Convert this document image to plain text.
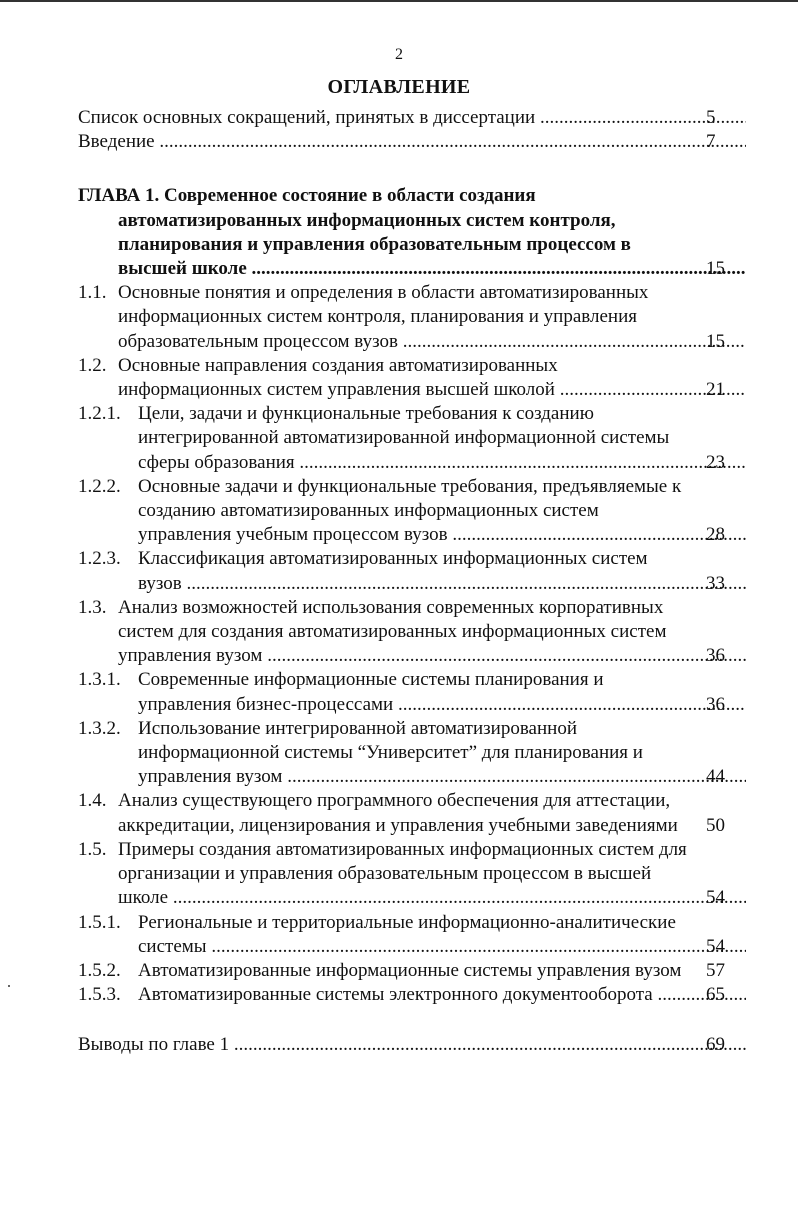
2
ОГЛАВЛЕНИЕ
Список основных сокращений, принятых в диссертации .....	5
Введение .....	7
ГЛАВА 1. Современное состояние в области создания
автоматизированных информационных систем контроля,
планирования и управления образовательным процессом в
высшей школе .....	15
1.1. Основные понятия и определения в области автоматизированных
информационных систем контроля, планирования и управления
образовательным процессом вузов .....	15
1.2. Основные направления создания автоматизированных
информационных систем управления высшей школой .....	21
1.2.1. Цели, задачи и функциональные требования к созданию
интегрированной автоматизированной информационной системы
сферы образования .....	23
1.2.2. Основные задачи и функциональные требования, предъявляемые к
созданию автоматизированных информационных систем
управления учебным процессом вузов .....	28
1.2.3. Классификация автоматизированных информационных систем
вузов .....	33
1.3. Анализ возможностей использования современных корпоративных
систем для создания автоматизированных информационных систем
управления вузом .....	36
1.3.1. Современные информационные системы планирования и
управления бизнес-процессами .....	36
1.3.2. Использование интегрированной автоматизированной
информационной системы “Университет” для планирования и
управления вузом .....	44
1.4. Анализ существующего программного обеспечения для аттестации,
аккредитации, лицензирования и управления учебными заведениями	50
1.5. Примеры создания автоматизированных информационных систем для
организации и управления образовательным процессом в высшей
школе .....	54
1.5.1. Региональные и территориальные информационно-аналитические
системы .....	54
1.5.2. Автоматизированные информационные системы управления вузом	57
1.5.3. Автоматизированные системы электронного документооборота .....	65
Выводы по главе 1 .....	69
